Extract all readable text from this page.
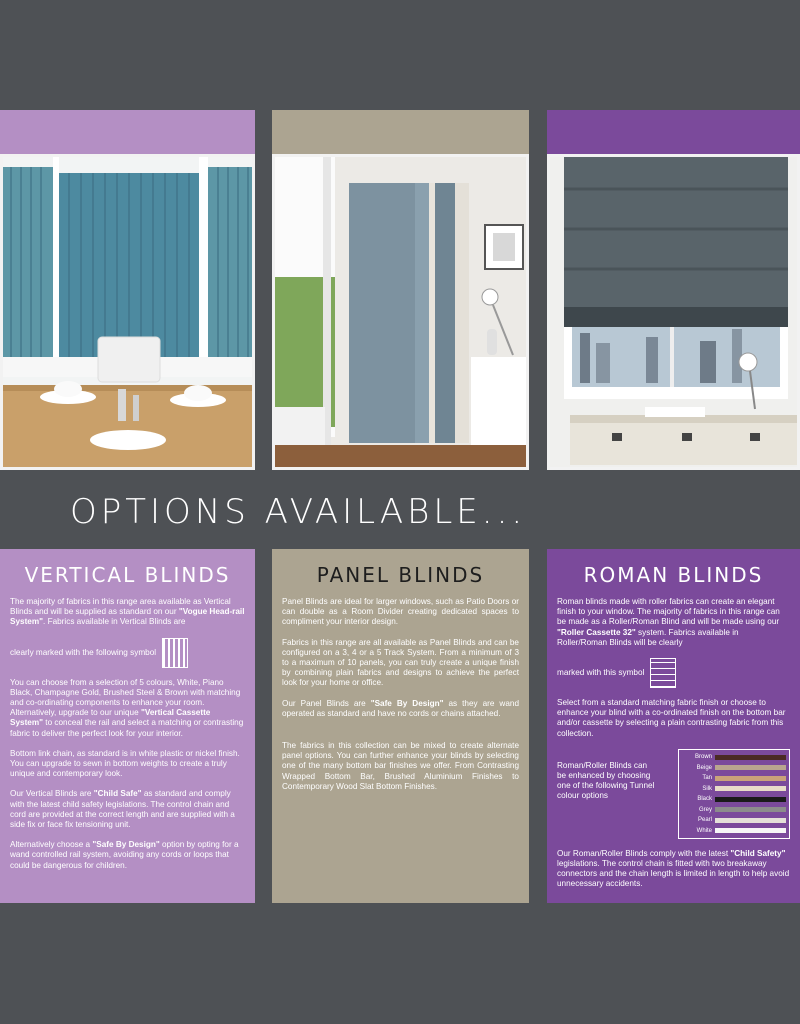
OPTIONS AVAILABLE...
VERTICAL BLINDS

The majority of fabrics in this range area available as Vertical Blinds and will be supplied as standard on our "Vogue Head-rail System". Fabrics available in Vertical Blinds are

clearly marked with the following symbol

You can choose from a selection of 5 colours, White, Piano Black, Champagne Gold, Brushed Steel & Brown with matching and co-ordinating components to enhance your room. Alternatively, upgrade to our unique "Vertical Cassette System" to conceal the rail and select a matching or contrasting fabric to deliver the perfect look for your interior.

Bottom link chain, as standard is in white plastic or nickel finish. You can upgrade to sewn in bottom weights to create a truly unique and contemporary look.

Our Vertical Blinds are "Child Safe" as standard and comply with the latest child safety legislations. The control chain and cord are provided at the correct length and are supplied with a side fix or face fix tensioning unit.

Alternatively choose a "Safe By Design" option by opting for a wand controlled rail system, avoiding any cords or loops that could be dangerous for children.

PANEL BLINDS

Panel Blinds are ideal for larger windows, such as Patio Doors or can double as a Room Divider creating dedicated spaces to compliment your interior design.

Fabrics in this range are all available as Panel Blinds and can be configured on a 3, 4 or a 5 Track System. From a minimum of 3 to a maximum of 10 panels, you can truly create a unique finish by combining plain fabrics and designs to achieve the perfect look for your home or office.

Our Panel Blinds are "Safe By Design" as they are wand operated as standard and have no cords or chains attached.

The fabrics in this collection can be mixed to create alternate panel options. You can further enhance your blinds by selecting one of the many bottom bar finishes we offer. From Contrasting Wrapped Bottom Bar, Brushed Aluminium Finishes to Contemporary Wood Slat Bottom Finishes.

ROMAN BLINDS

Roman blinds made with roller fabrics can create an elegant finish to your window. The majority of fabrics in this range can be made as a Roller/Roman Blind and will be made using our "Roller Cassette 32" system. Fabrics available in Roller/Roman Blinds will be clearly

marked with this symbol

Select from a standard matching fabric finish or choose to enhance your blind with a co-ordinated finish on the bottom bar and/or cassette by selecting a plain contrasting fabric from this collection.

Roman/Roller Blinds can be enhanced by choosing one of the following Tunnel colour options

Brown
Beige
Tan
Silk
Black
Grey
Pearl
White

Our Roman/Roller Blinds comply with the latest "Child Safety" legislations. The control chain is fitted with two breakaway connectors and the chain length is limited in length to help avoid unnecessary accidents.
